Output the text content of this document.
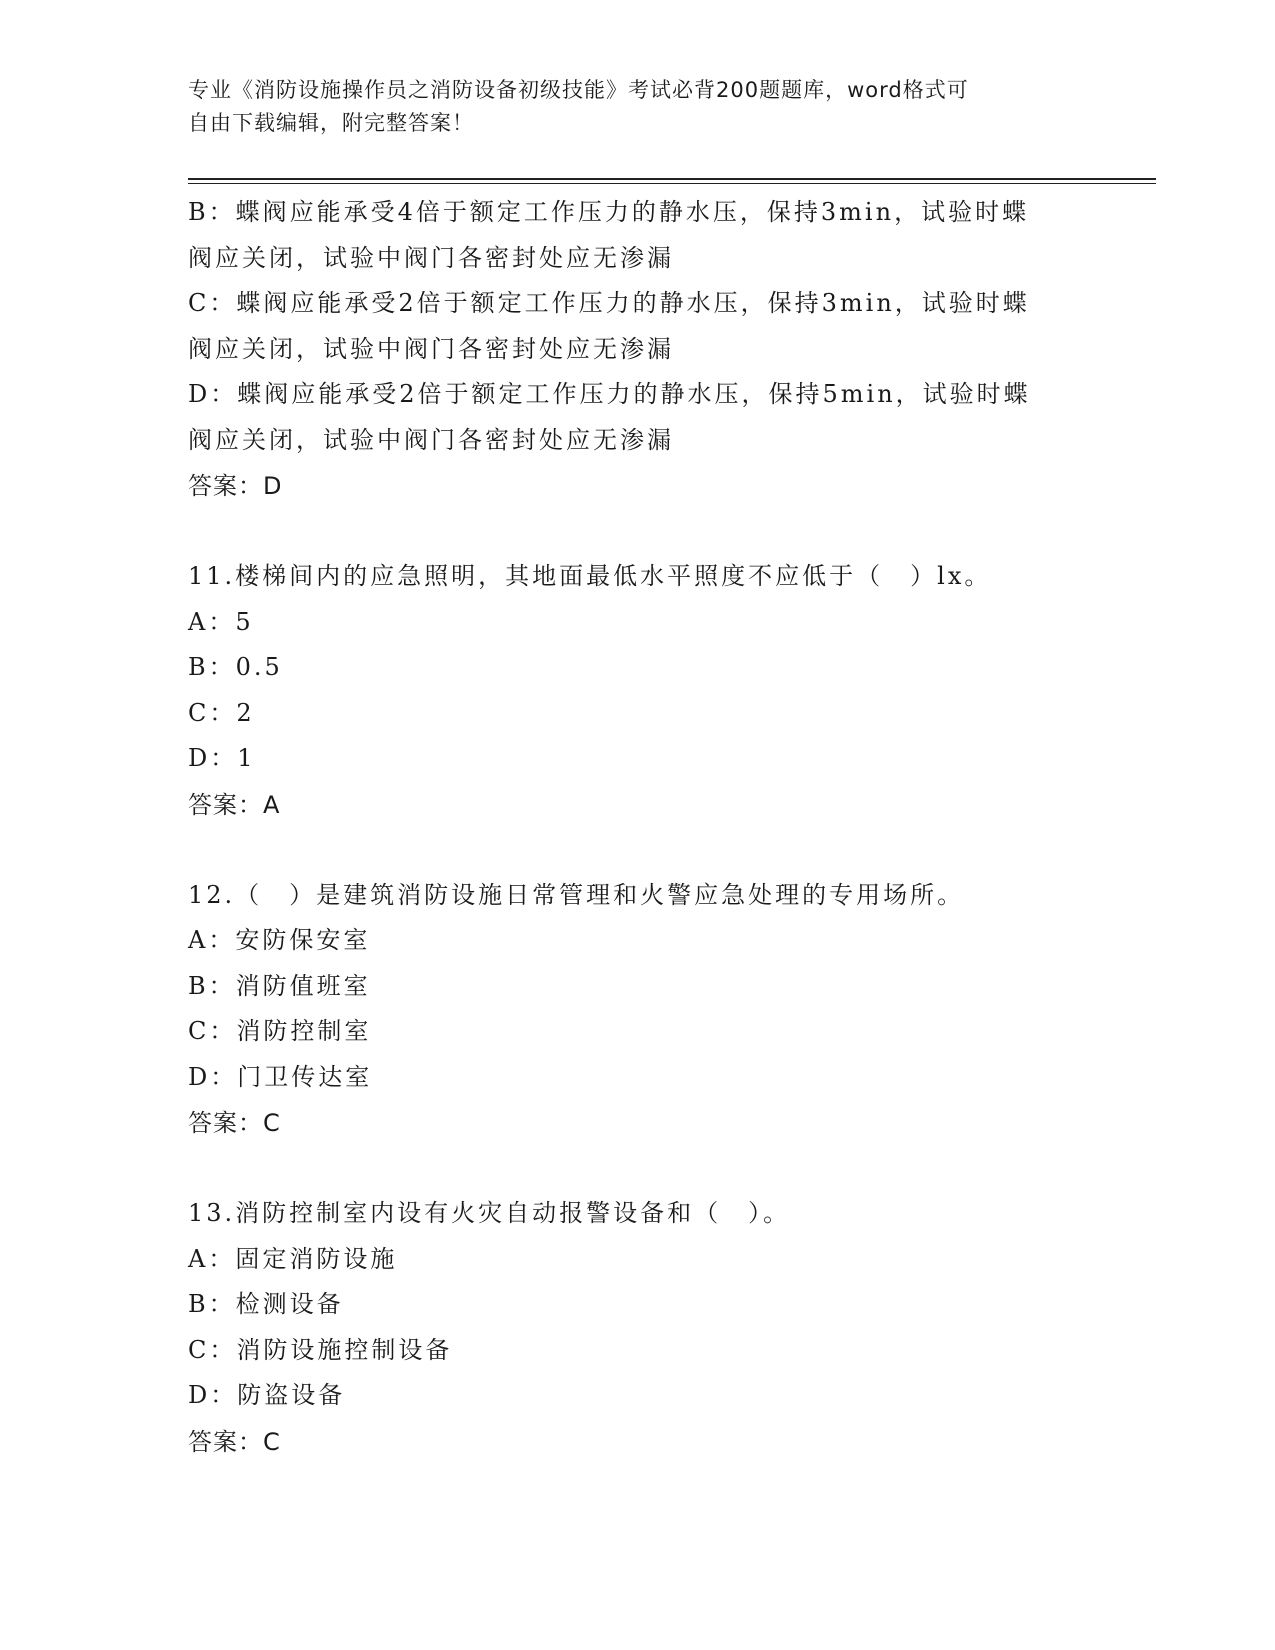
专业《消防设施操作员之消防设备初级技能》考试必背200题题库，word格式可
自由下载编辑，附完整答案！
B：蝶阀应能承受4倍于额定工作压力的静水压，保持3min，试验时蝶
阀应关闭，试验中阀门各密封处应无渗漏
C：蝶阀应能承受2倍于额定工作压力的静水压，保持3min，试验时蝶
阀应关闭，试验中阀门各密封处应无渗漏
D：蝶阀应能承受2倍于额定工作压力的静水压，保持5min，试验时蝶
阀应关闭，试验中阀门各密封处应无渗漏
答案：D
11.楼梯间内的应急照明，其地面最低水平照度不应低于（　）lx。
A：5
B：0.5
C：2
D：1
答案：A
12.（　）是建筑消防设施日常管理和火警应急处理的专用场所。
A：安防保安室
B：消防值班室
C：消防控制室
D：门卫传达室
答案：C
13.消防控制室内设有火灾自动报警设备和（　）。
A：固定消防设施
B：检测设备
C：消防设施控制设备
D：防盗设备
答案：C
